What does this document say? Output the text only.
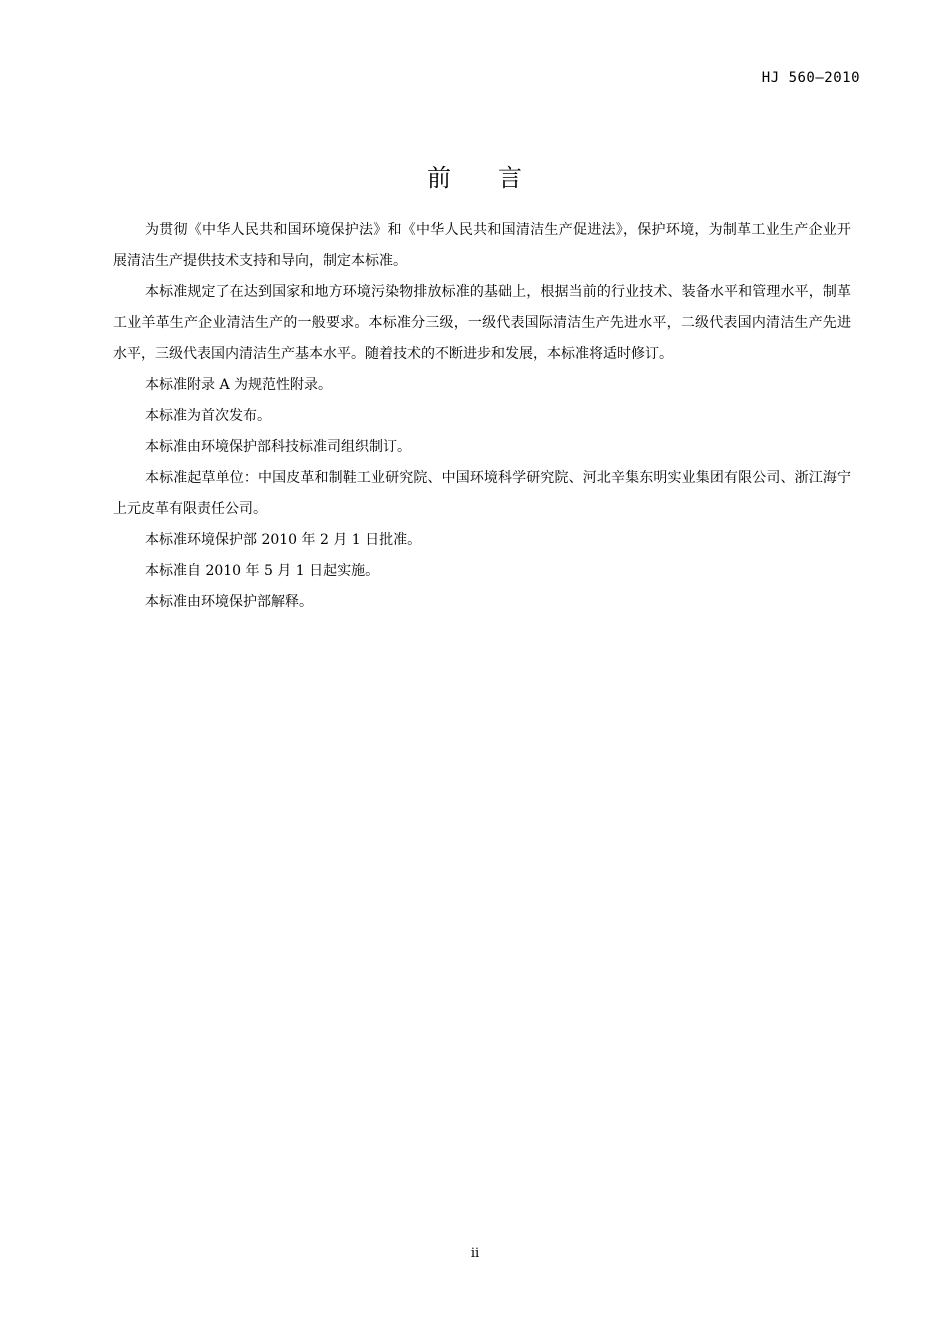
HJ 560—2010
前 言

为贯彻《中华人民共和国环境保护法》和《中华人民共和国清洁生产促进法》，保护环境，为制革工业生产企业开展清洁生产提供技术支持和导向，制定本标准。

本标准规定了在达到国家和地方环境污染物排放标准的基础上，根据当前的行业技术、装备水平和管理水平，制革工业羊革生产企业清洁生产的一般要求。本标准分三级，一级代表国际清洁生产先进水平，二级代表国内清洁生产先进水平，三级代表国内清洁生产基本水平。随着技术的不断进步和发展，本标准将适时修订。

本标准附录 A 为规范性附录。

本标准为首次发布。

本标准由环境保护部科技标准司组织制订。

本标准起草单位：中国皮革和制鞋工业研究院、中国环境科学研究院、河北辛集东明实业集团有限公司、浙江海宁上元皮革有限责任公司。

本标准环境保护部 2010 年 2 月 1 日批准。

本标准自 2010 年 5 月 1 日起实施。

本标准由环境保护部解释。

ii
